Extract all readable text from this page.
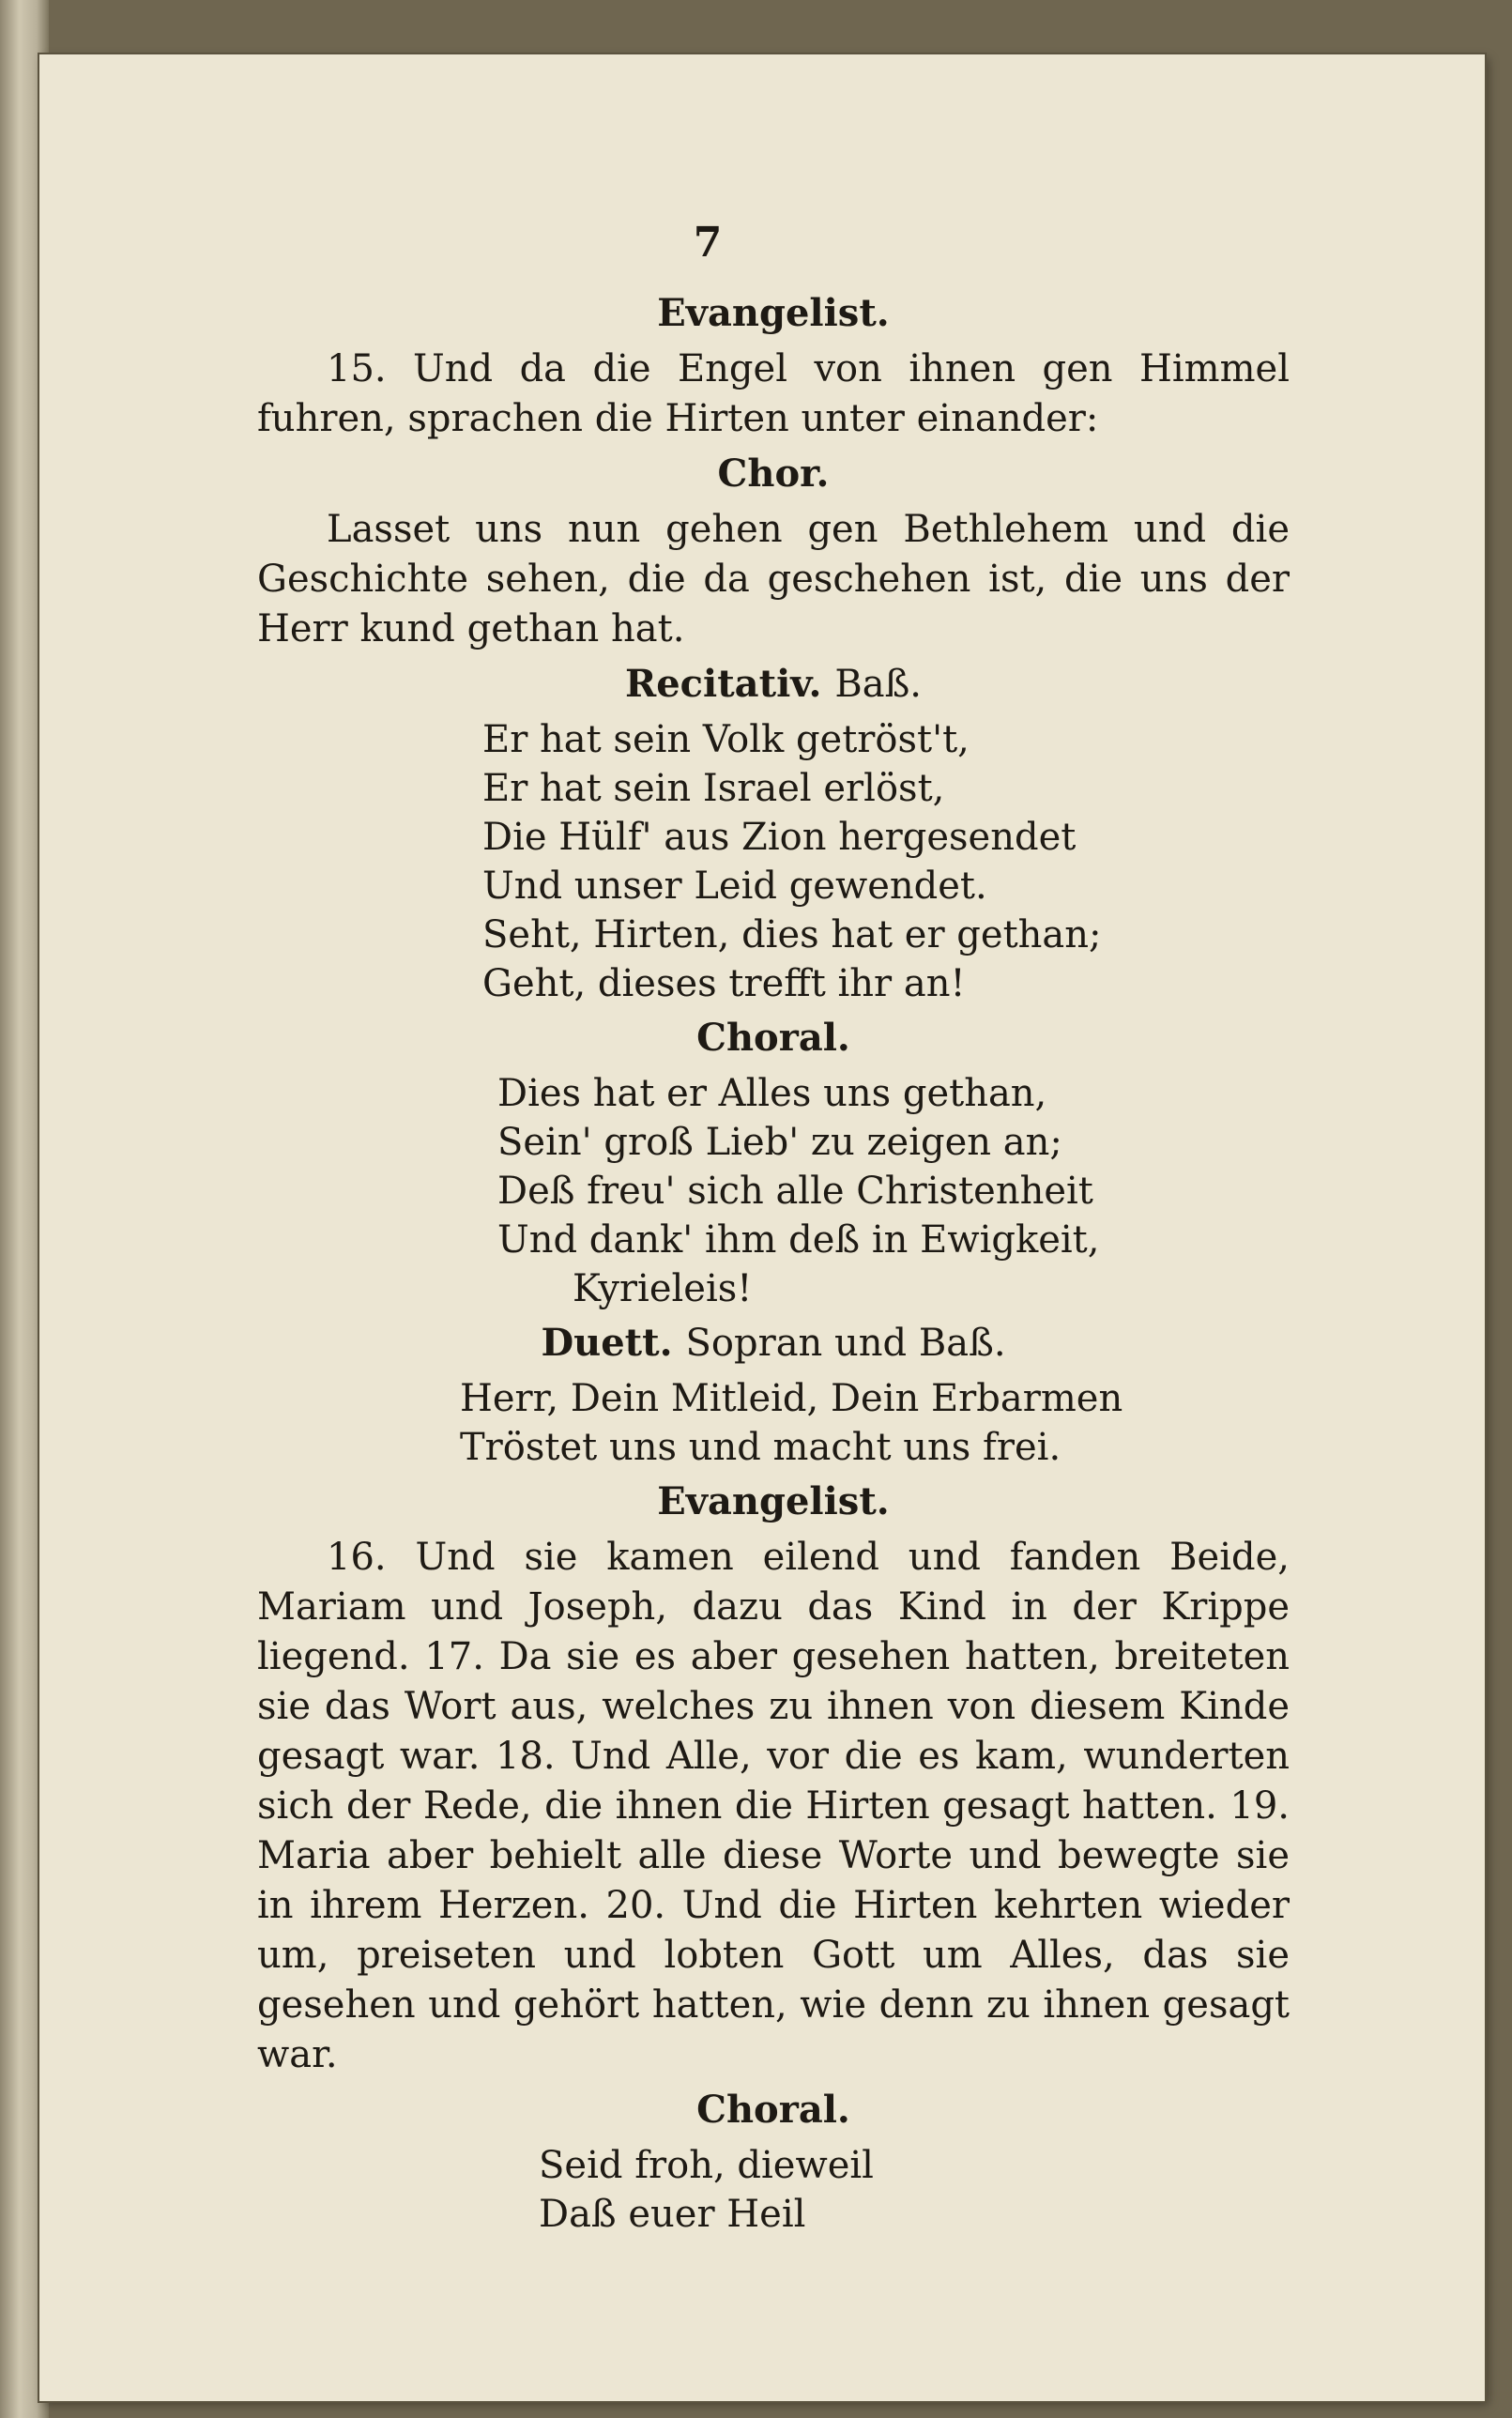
7
Evangelist.

15. Und da die Engel von ihnen gen Himmel fuhren, sprachen die Hirten unter einander:

Chor.

Lasset uns nun gehen gen Bethlehem und die Geschichte sehen, die da geschehen ist, die uns der Herr kund gethan hat.

Recitativ. Baß.
Er hat sein Volk getröst't,
Er hat sein Israel erlöst,
Die Hülf' aus Zion hergesendet
Und unser Leid gewendet.
Seht, Hirten, dies hat er gethan;
Geht, dieses trefft ihr an!
Choral.
Dies hat er Alles uns gethan,
Sein' groß Lieb' zu zeigen an;
Deß freu' sich alle Christenheit
Und dank' ihm deß in Ewigkeit,
Kyrieleis!
Duett. Sopran und Baß.
Herr, Dein Mitleid, Dein Erbarmen
Tröstet uns und macht uns frei.
Evangelist.

16. Und sie kamen eilend und fanden Beide, Mariam und Joseph, dazu das Kind in der Krippe liegend. 17. Da sie es aber gesehen hatten, breiteten sie das Wort aus, welches zu ihnen von diesem Kinde gesagt war. 18. Und Alle, vor die es kam, wunderten sich der Rede, die ihnen die Hirten gesagt hatten. 19. Maria aber behielt alle diese Worte und bewegte sie in ihrem Herzen. 20. Und die Hirten kehrten wieder um, preiseten und lobten Gott um Alles, das sie gesehen und gehört hatten, wie denn zu ihnen gesagt war.

Choral.
Seid froh, dieweil
Daß euer Heil
